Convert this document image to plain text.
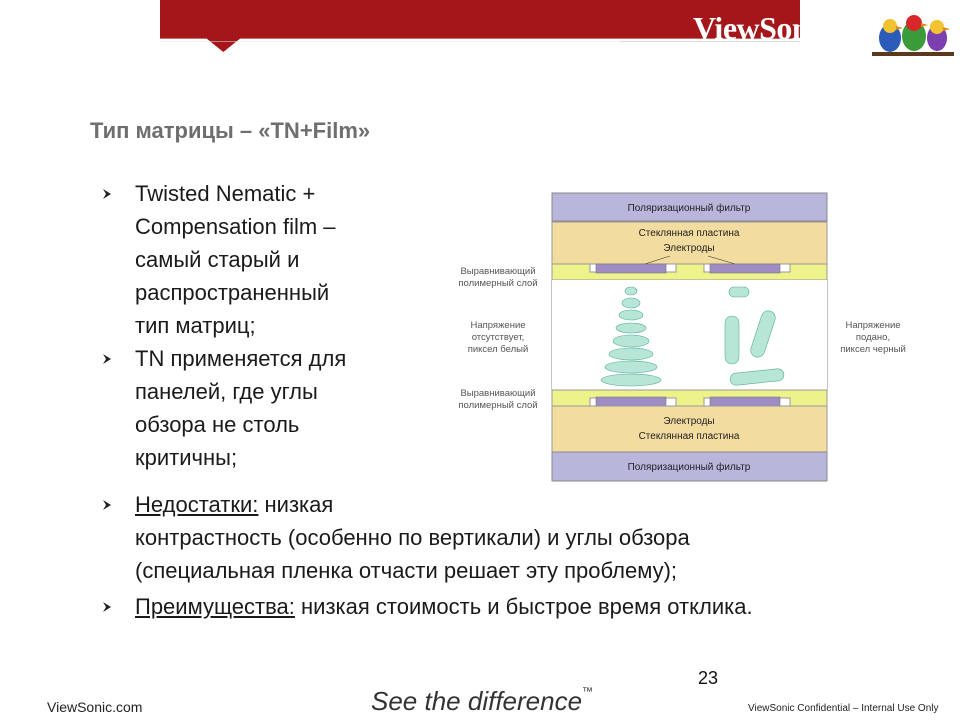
ViewSonic
See the difference™
Тип матрицы – «TN+Film»
Twisted Nematic +
Compensation film –
самый старый и
распространенный
тип матриц;
TN применяется для
панелей, где углы
обзора не столь
критичны;
Недостатки: низкая
контрастность (особенно по вертикали) и углы обзора
(специальная пленка отчасти решает эту проблему);
Преимущества: низкая стоимость и быстрое время отклика.
Поляризационный фильтр
Стеклянная пластина
Электроды
Электроды
Стеклянная пластина
Поляризационный фильтр
Выравнивающий
полимерный слой
Напряжение
отсутствует,
пиксел белый
Выравнивающий
полимерный слой
Напряжение
подано,
пиксел черный
23
ViewSonic.com	See the difference™
ViewSonic Confidential – Internal Use Only
